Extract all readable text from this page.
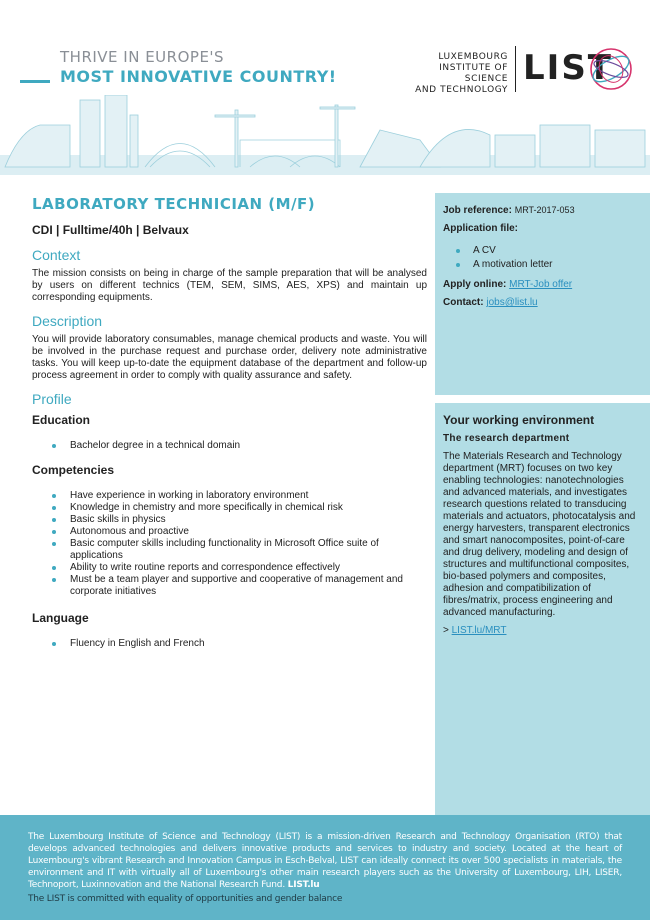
THRIVE IN EUROPE'S
MOST INNOVATIVE COUNTRY!
LUXEMBOURG
INSTITUTE OF SCIENCE
AND TECHNOLOGY
LIST
LABORATORY TECHNICIAN (M/F)
CDI | Fulltime/40h | Belvaux
Context
The mission consists on being in charge of the sample preparation that will be analysed by users on different technics (TEM, SEM, SIMS, AES, XPS) and maintain up corresponding equipments.
Description
You will provide laboratory consumables, manage chemical products and waste. You will be involved in the purchase request and purchase order, delivery note administrative tasks. You will keep up-to-date the equipment database of the department and follow-up process agreement in order to comply with quality assurance and safety.
Profile
Education
Bachelor degree in a technical domain
Competencies
Have experience in working in laboratory environment
Knowledge in chemistry and more specifically in chemical risk
Basic skills in physics
Autonomous and proactive
Basic computer skills including functionality in Microsoft Office suite of applications
Ability to write routine reports and correspondence effectively
Must be a team player and supportive and cooperative of management and corporate initiatives
Language
Fluency in English and French
Job reference: MRT-2017-053
Application file:
A CV
A motivation letter
Apply online: MRT-Job offer
Contact: jobs@list.lu
Your working environment
The research department
The Materials Research and Technology department (MRT) focuses on two key enabling technologies: nanotechnologies and advanced materials, and investigates research questions related to transducing materials and actuators, photocatalysis and energy harvesters, transparent electronics and smart nanocomposites, point-of-care and drug delivery, modeling and design of structures and multifunctional composites, bio-based polymers and composites, adhesion and compatibilization of fibres/matrix, process engineering and advanced manufacturing.
> LIST.lu/MRT
The Luxembourg Institute of Science and Technology (LIST) is a mission-driven Research and Technology Organisation (RTO) that develops advanced technologies and delivers innovative products and services to industry and society. Located at the heart of Luxembourg's vibrant Research and Innovation Campus in Esch-Belval, LIST can ideally connect its over 500 specialists in materials, the environment and IT with virtually all of Luxembourg's other main research players such as the University of Luxembourg, LIH, LISER, Technoport, Luxinnovation and the National Research Fund. LIST.lu
The LIST is committed with equality of opportunities and gender balance
